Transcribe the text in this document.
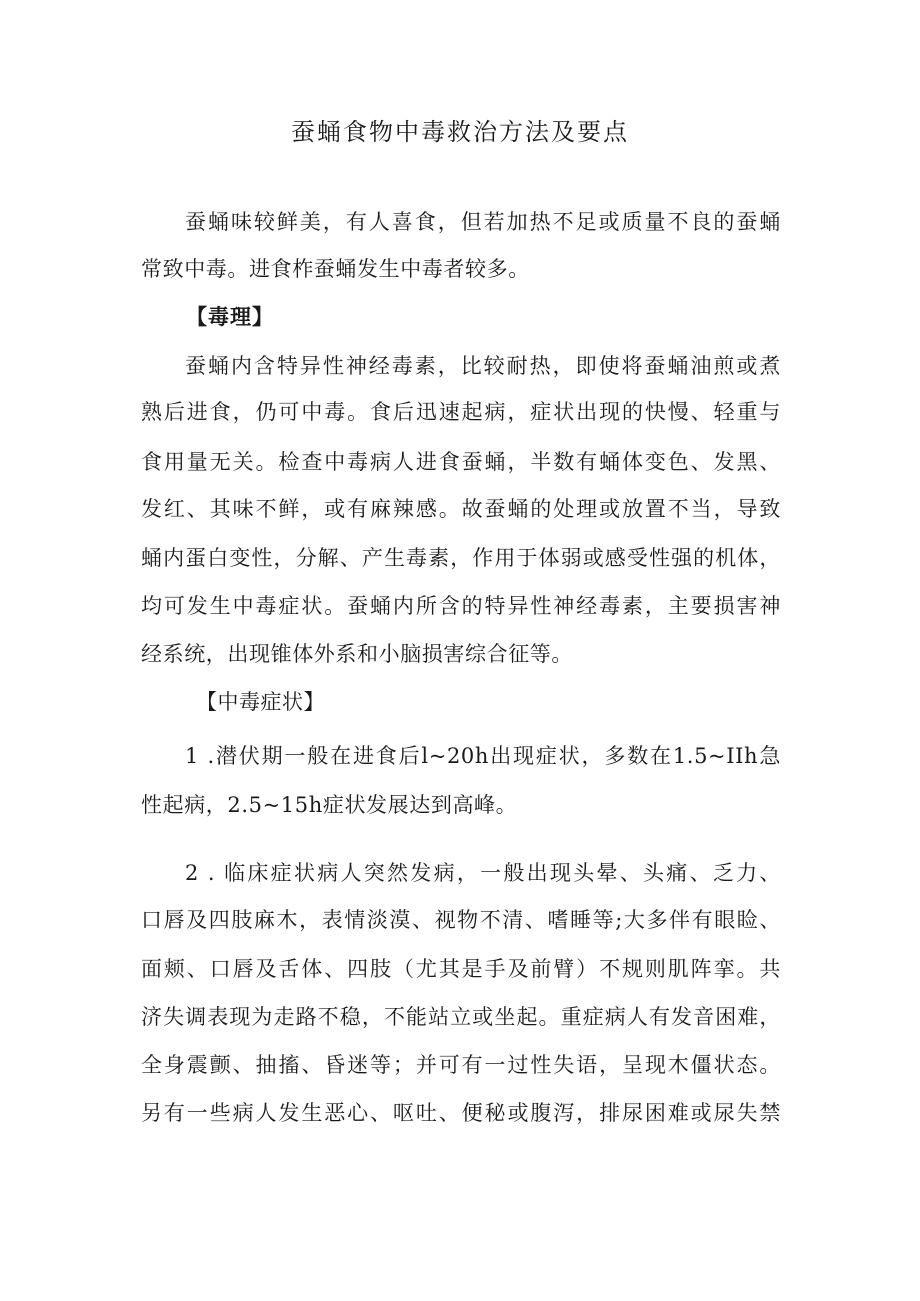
蚕蛹食物中毒救治方法及要点
蚕蛹味较鲜美，有人喜食，但若加热不足或质量不良的蚕蛹
常致中毒。进食柞蚕蛹发生中毒者较多。
【毒理】
蚕蛹内含特异性神经毒素，比较耐热，即使将蚕蛹油煎或煮
熟后进食，仍可中毒。食后迅速起病，症状出现的快慢、轻重与
食用量无关。检查中毒病人进食蚕蛹，半数有蛹体变色、发黑、
发红、其味不鲜，或有麻辣感。故蚕蛹的处理或放置不当，导致
蛹内蛋白变性，分解、产生毒素，作用于体弱或感受性强的机体，
均可发生中毒症状。蚕蛹内所含的特异性神经毒素，主要损害神
经系统，出现锥体外系和小脑损害综合征等。
【中毒症状】
1 .潜伏期一般在进食后l~20h出现症状，多数在1.5~IIh急
性起病，2.5~15h症状发展达到高峰。
2 . 临床症状病人突然发病，一般出现头晕、头痛、乏力、
口唇及四肢麻木，表情淡漠、视物不清、嗜睡等;大多伴有眼睑、
面颊、口唇及舌体、四肢（尤其是手及前臂）不规则肌阵挛。共
济失调表现为走路不稳，不能站立或坐起。重症病人有发音困难，
全身震颤、抽搐、昏迷等；并可有一过性失语，呈现木僵状态。
另有一些病人发生恶心、呕吐、便秘或腹泻，排尿困难或尿失禁
